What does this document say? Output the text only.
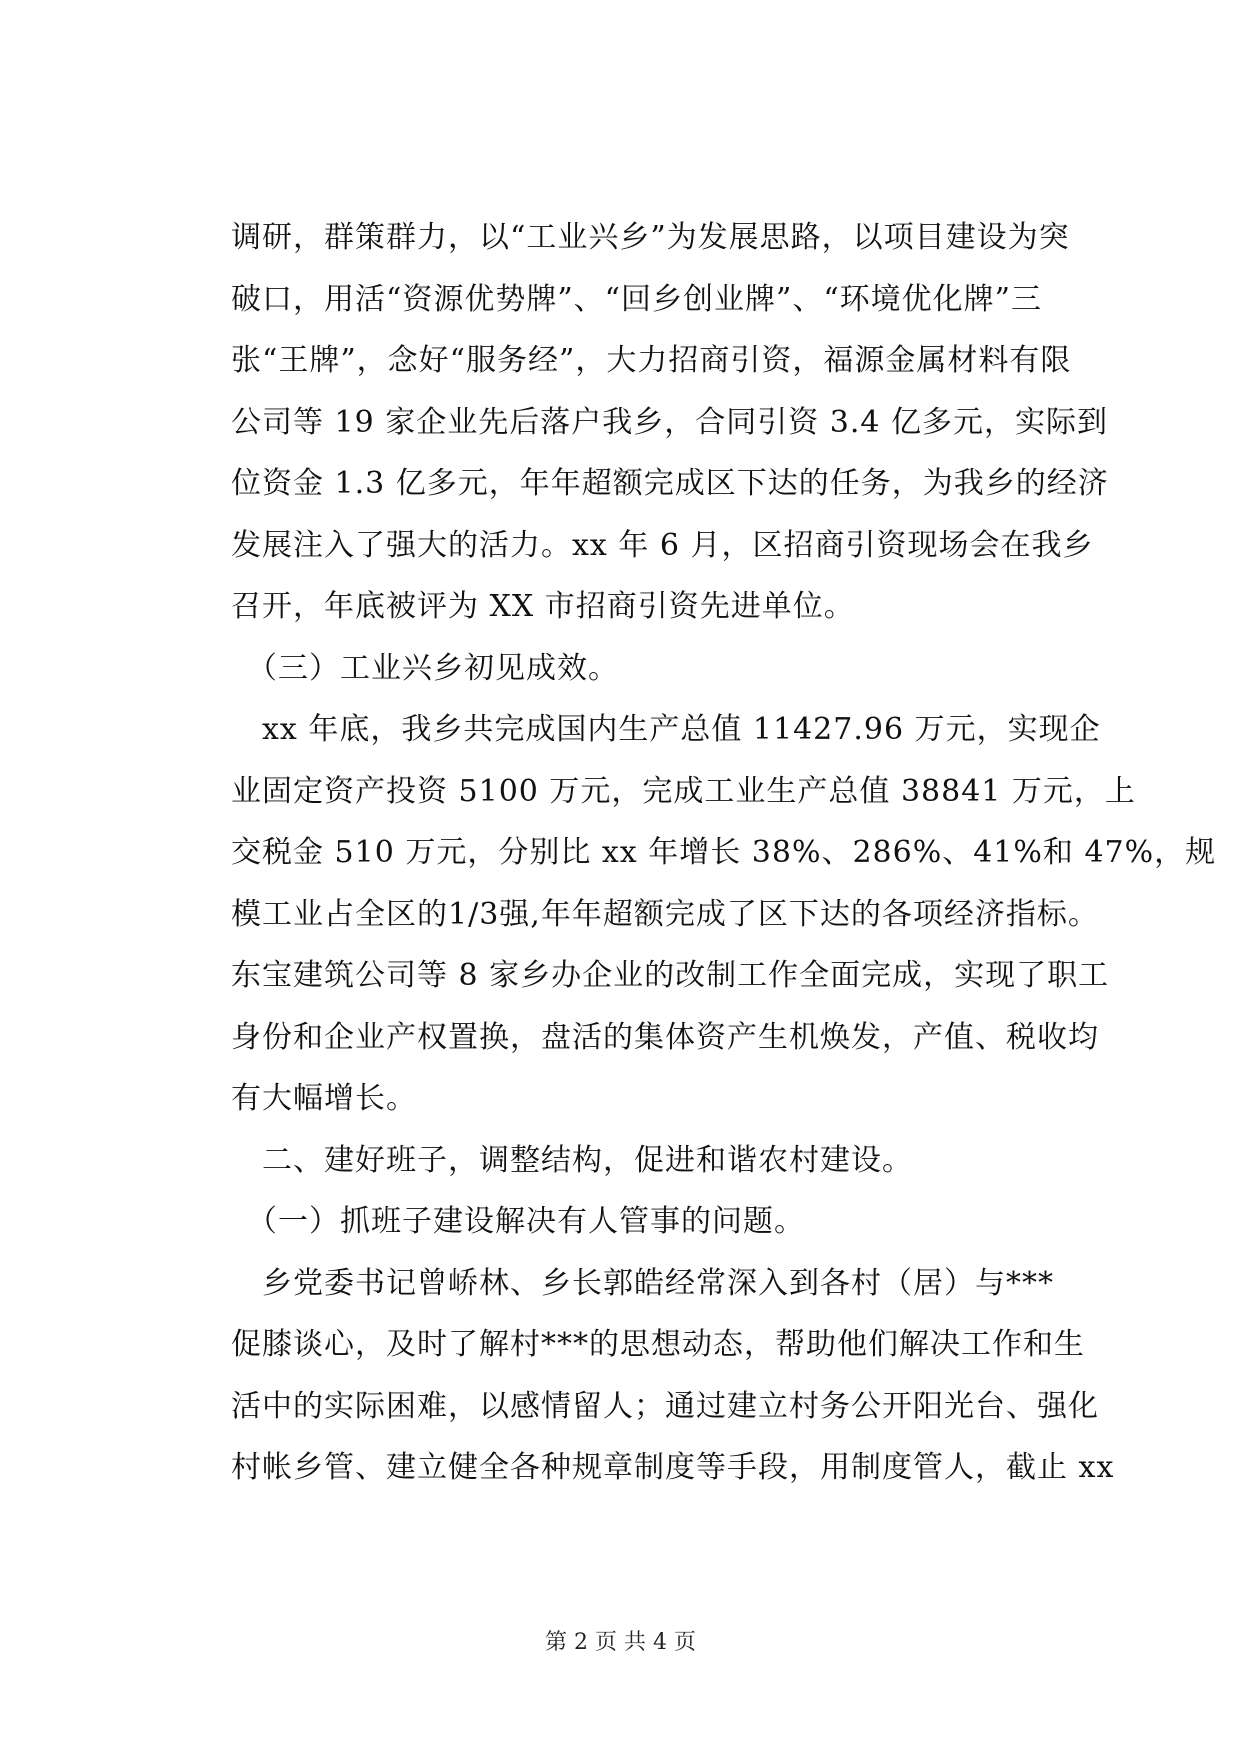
调研，群策群力，以“工业兴乡”为发展思路，以项目建设为突
破口，用活“资源优势牌”、“回乡创业牌”、“环境优化牌”三
张“王牌”，念好“服务经”，大力招商引资，福源金属材料有限
公司等 19 家企业先后落户我乡，合同引资 3.4 亿多元，实际到
位资金 1.3 亿多元，年年超额完成区下达的任务，为我乡的经济
发展注入了强大的活力。xx 年 6 月，区招商引资现场会在我乡
召开，年底被评为 XX 市招商引资先进单位。
　（三）工业兴乡初见成效。
　xx 年底，我乡共完成国内生产总值 11427.96 万元，实现企
业固定资产投资 5100 万元，完成工业生产总值 38841 万元，上
交税金 510 万元，分别比 xx 年增长 38%、286%、41%和 47%，规
模工业占全区的1/3强,年年超额完成了区下达的各项经济指标。
东宝建筑公司等 8 家乡办企业的改制工作全面完成，实现了职工
身份和企业产权置换，盘活的集体资产生机焕发，产值、税收均
有大幅增长。
　二、建好班子，调整结构，促进和谐农村建设。
　（一）抓班子建设解决有人管事的问题。
　乡党委书记曾峤林、乡长郭皓经常深入到各村（居）与***
促膝谈心，及时了解村***的思想动态，帮助他们解决工作和生
活中的实际困难，以感情留人；通过建立村务公开阳光台、强化
村帐乡管、建立健全各种规章制度等手段，用制度管人，截止 xx
第 2 页 共 4 页
